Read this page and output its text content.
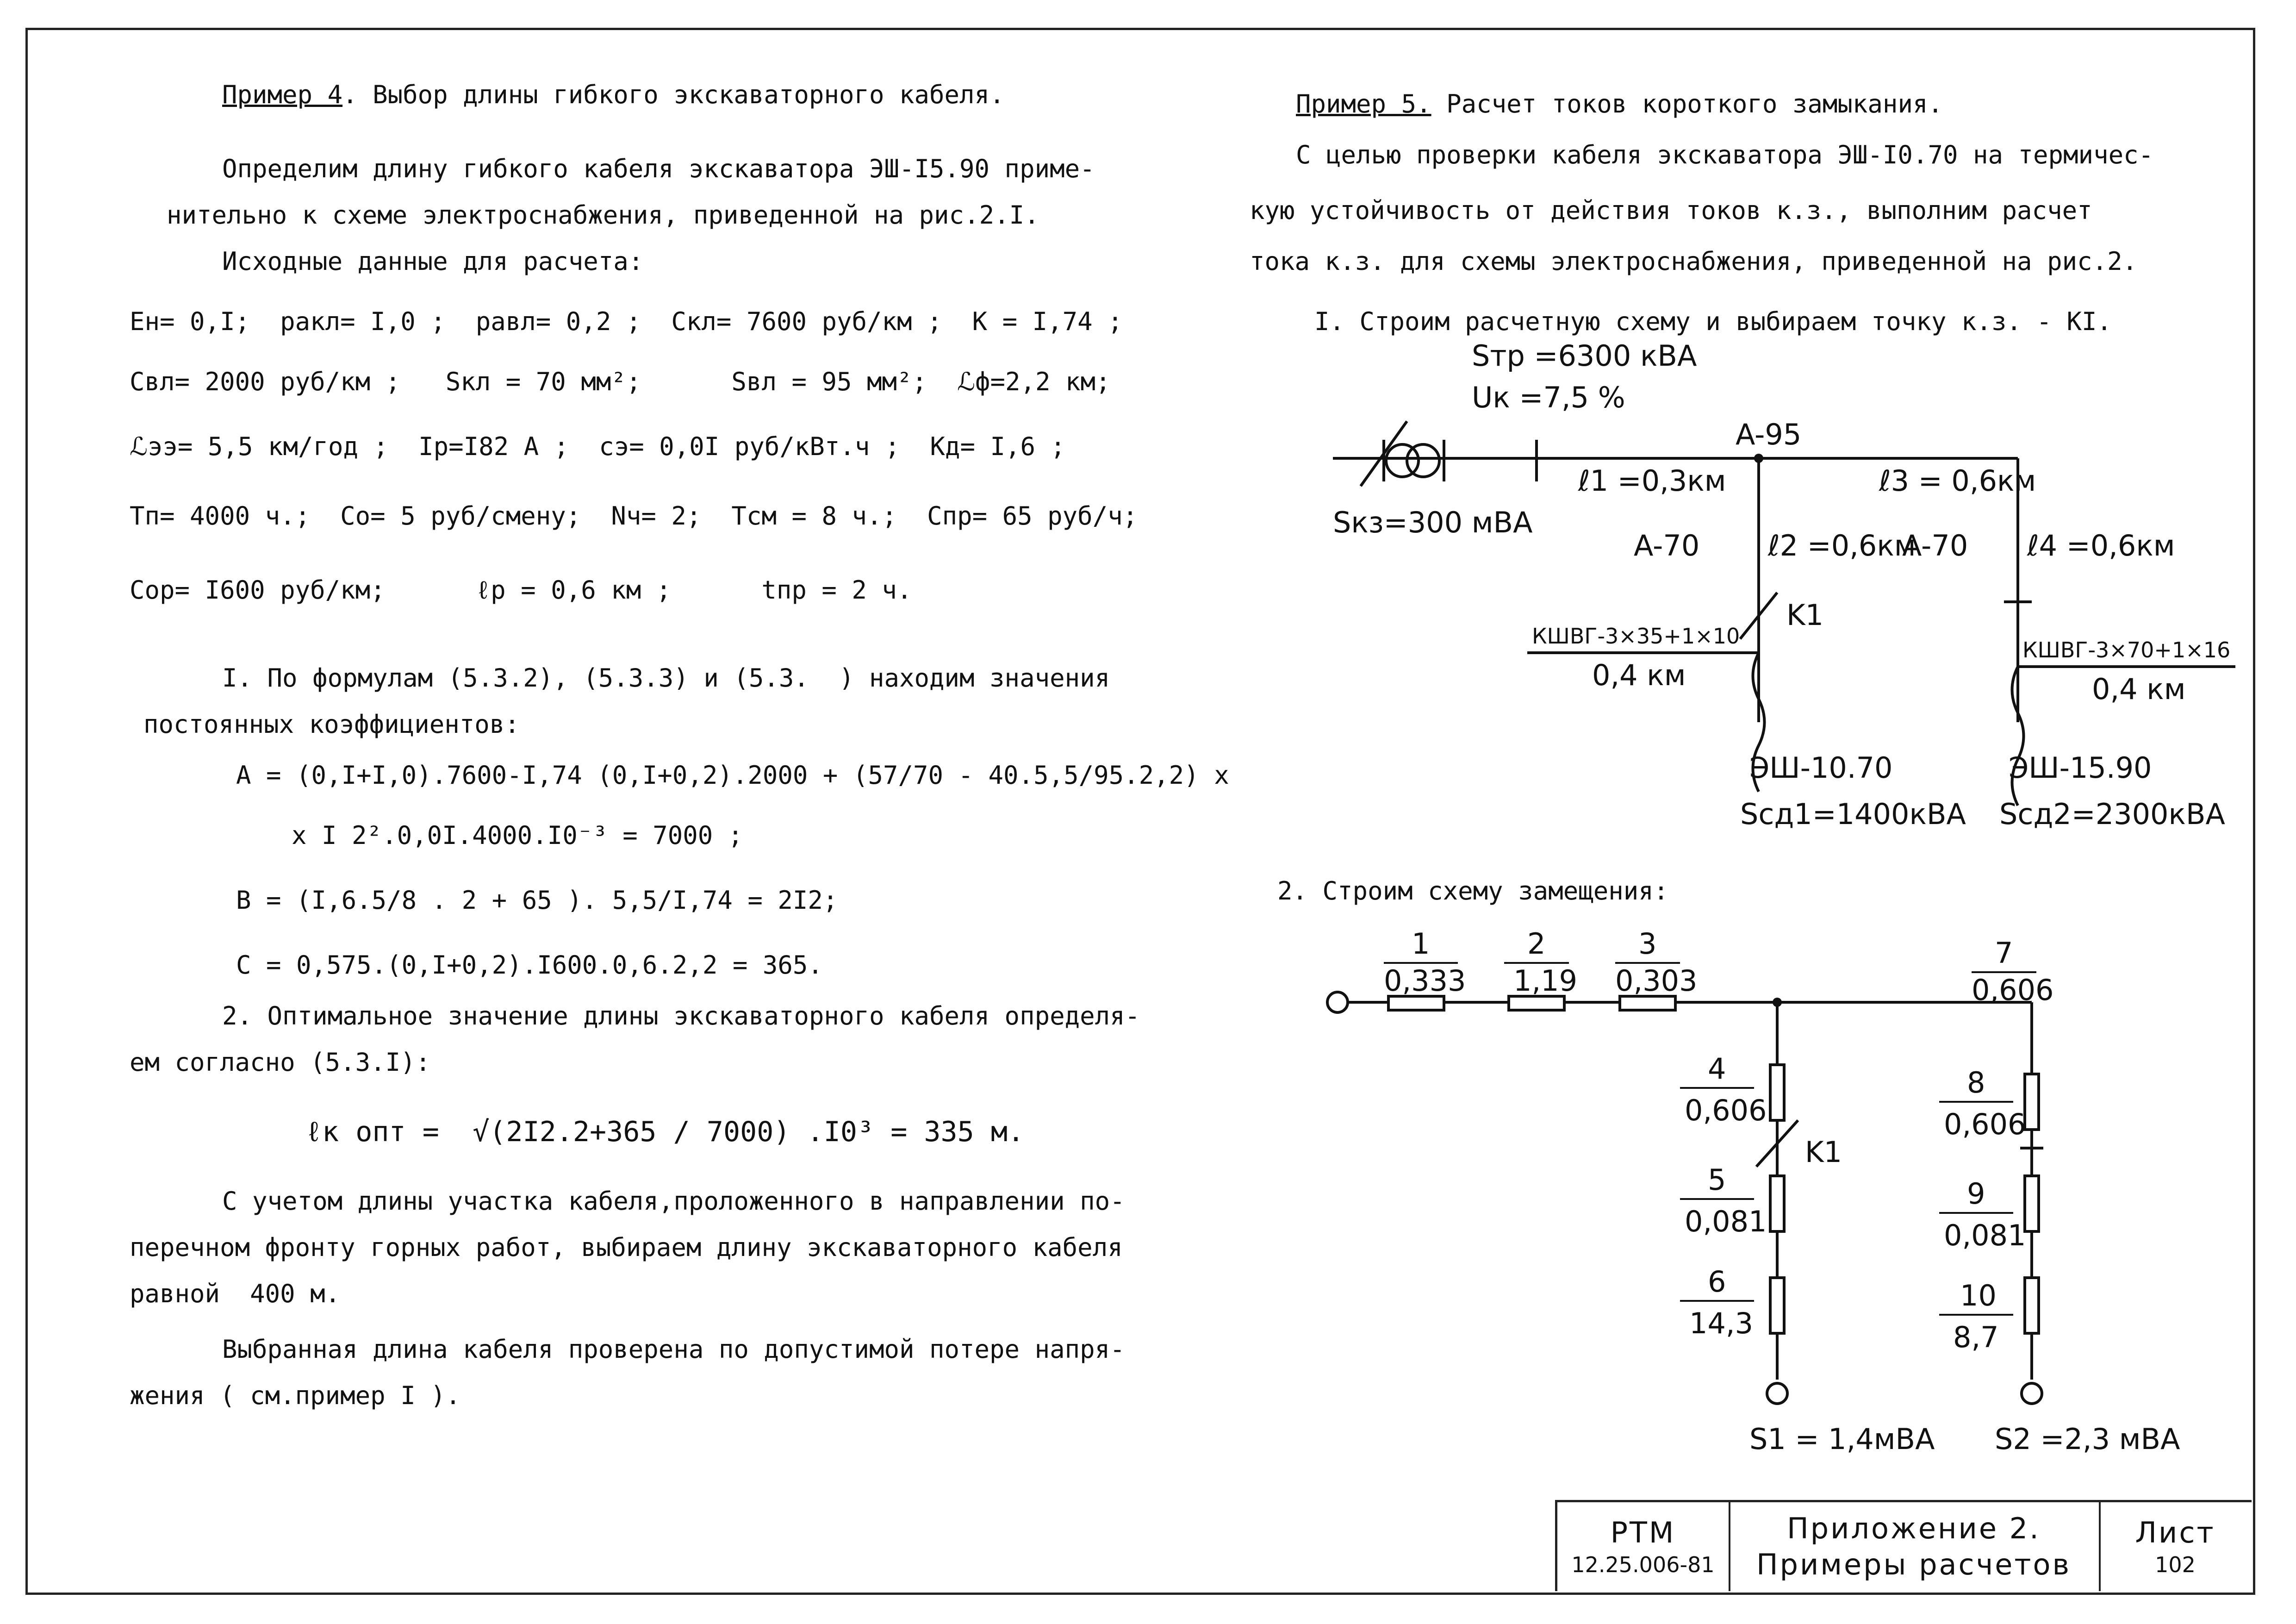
Пример 4. Выбор длины гибкого экскаваторного кабеля.
Определим длину гибкого кабеля экскаватора ЭШ-I5.90 приме-
нительно к схеме электроснабжения, приведенной на рис.2.I.
Исходные данные для расчета:
Eн= 0,I;  pакл= I,0 ;  pавл= 0,2 ;  Cкл= 7600 руб/км ;  K = I,74 ;
Cвл= 2000 руб/км ;   Sкл = 70 мм²;      Sвл = 95 мм²;  ℒф=2,2 км;
ℒээ= 5,5 км/год ;  Ip=I82 A ;  cэ= 0,0I руб/кВт.ч ;  Kд= I,6 ;
Tп= 4000 ч.;  Co= 5 руб/смену;  Nч= 2;  Tсм = 8 ч.;  Cпр= 65 руб/ч;
Cор= I600 руб/км;      ℓp = 0,6 км ;      tпр = 2 ч.
I. По формулам (5.3.2), (5.3.3) и (5.3.  ) находим значения
постоянных коэффициентов:
A = (0,I+I,0).7600-I,74 (0,I+0,2).2000 + (57/70 - 40.5,5/95.2,2) x
x I 2².0,0I.4000.I0⁻³ = 7000 ;
B = (I,6.5/8 . 2 + 65 ). 5,5/I,74 = 2I2;
C = 0,575.(0,I+0,2).I600.0,6.2,2 = 365.
2. Оптимальное значение длины экскаваторного кабеля определя-
ем согласно (5.3.I):
ℓк опт =  √(2I2.2+365 / 7000) .I0³ = 335 м.
С учетом длины участка кабеля,проложенного в направлении по-
перечном фронту горных работ, выбираем длину экскаваторного кабеля
равной  400 м.
Выбранная длина кабеля проверена по допустимой потере напря-
жения ( см.пример I ).
Пример 5. Расчет токов короткого замыкания.
С целью проверки кабеля экскаватора ЭШ-I0.70 на термичес-
кую устойчивость от действия токов к.з., выполним расчет
тока к.з. для схемы электроснабжения, приведенной на рис.2.
I. Строим расчетную схему и выбираем точку к.з. - KI.
2. Строим схему замещения:
Sтр =6300 кВА
Uк =7,5 %
Sкз=300 мВА
A-95
ℓ1 =0,3км	ℓ3 = 0,6км
A-70 ℓ2 =0,6км
A-70 ℓ4 =0,6км
K1
КШВГ-3×35+1×10
0,4 км
КШВГ-3×70+1×16
0,4 км
ЭШ-10.70
Sсд1=1400кВА
ЭШ-15.90
Sсд2=2300кВА
1
0,333
2
1,19
3
0,303
7
0,606
4
0,606
5
0,081
6
14,3
8
0,606
9
0,081
10
8,7
K1
S1 = 1,4мВА S2 =2,3 мВА
РТМ
12.25.006-81
Приложение 2.
Примеры расчетов
Лист
102
